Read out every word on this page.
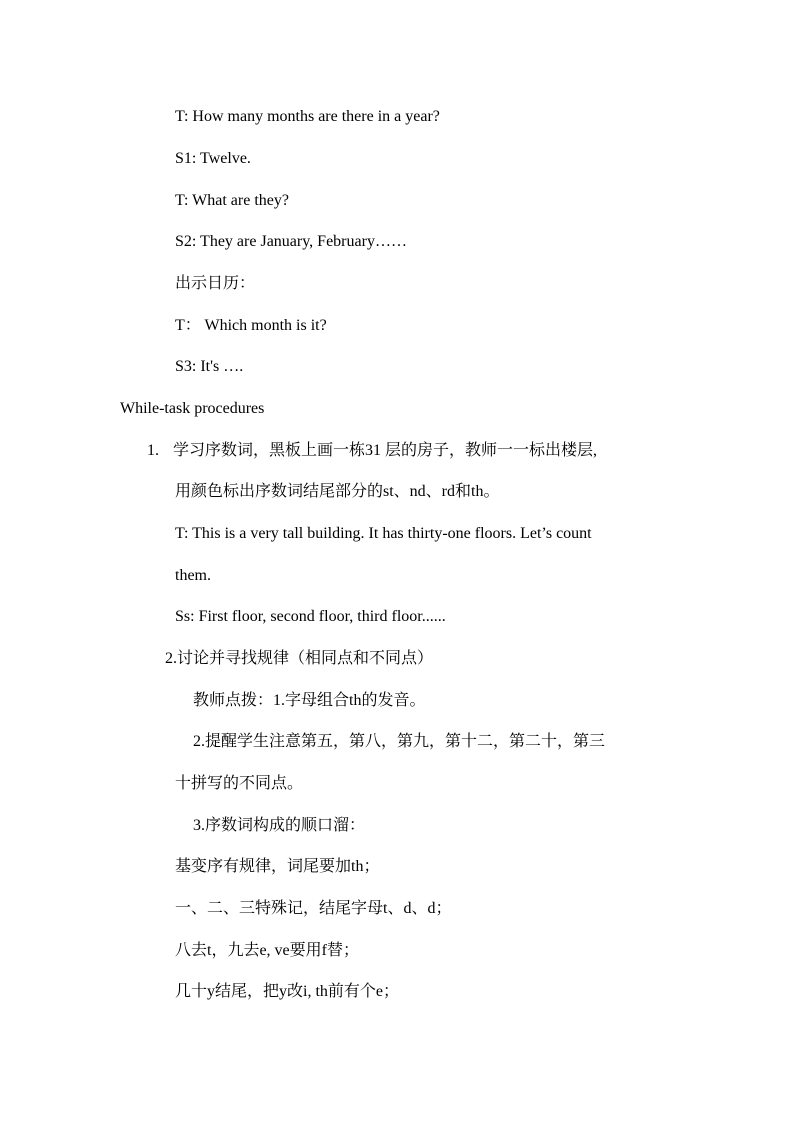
T: How many months are there in a year?
S1: Twelve.
T: What are they?
S2: They are January, February……
出示日历：
T： Which month is it?
S3: It's ….
While-task procedures
1. 学习序数词，黑板上画一栋31 层的房子，教师一一标出楼层,
用颜色标出序数词结尾部分的st、nd、rd和th。
T: This is a very tall building. It has thirty-one floors. Let’s count
them.
Ss: First floor, second floor, third floor......
2.讨论并寻找规律（相同点和不同点）
教师点拨：1.字母组合th的发音。
2.提醒学生注意第五，第八，第九，第十二，第二十，第三
十拼写的不同点。
3.序数词构成的顺口溜：
基变序有规律，词尾要加th；
一、二、三特殊记，结尾字母t、d、d；
八去t，九去e, ve要用f替；
几十y结尾，把y改i, th前有个e；
